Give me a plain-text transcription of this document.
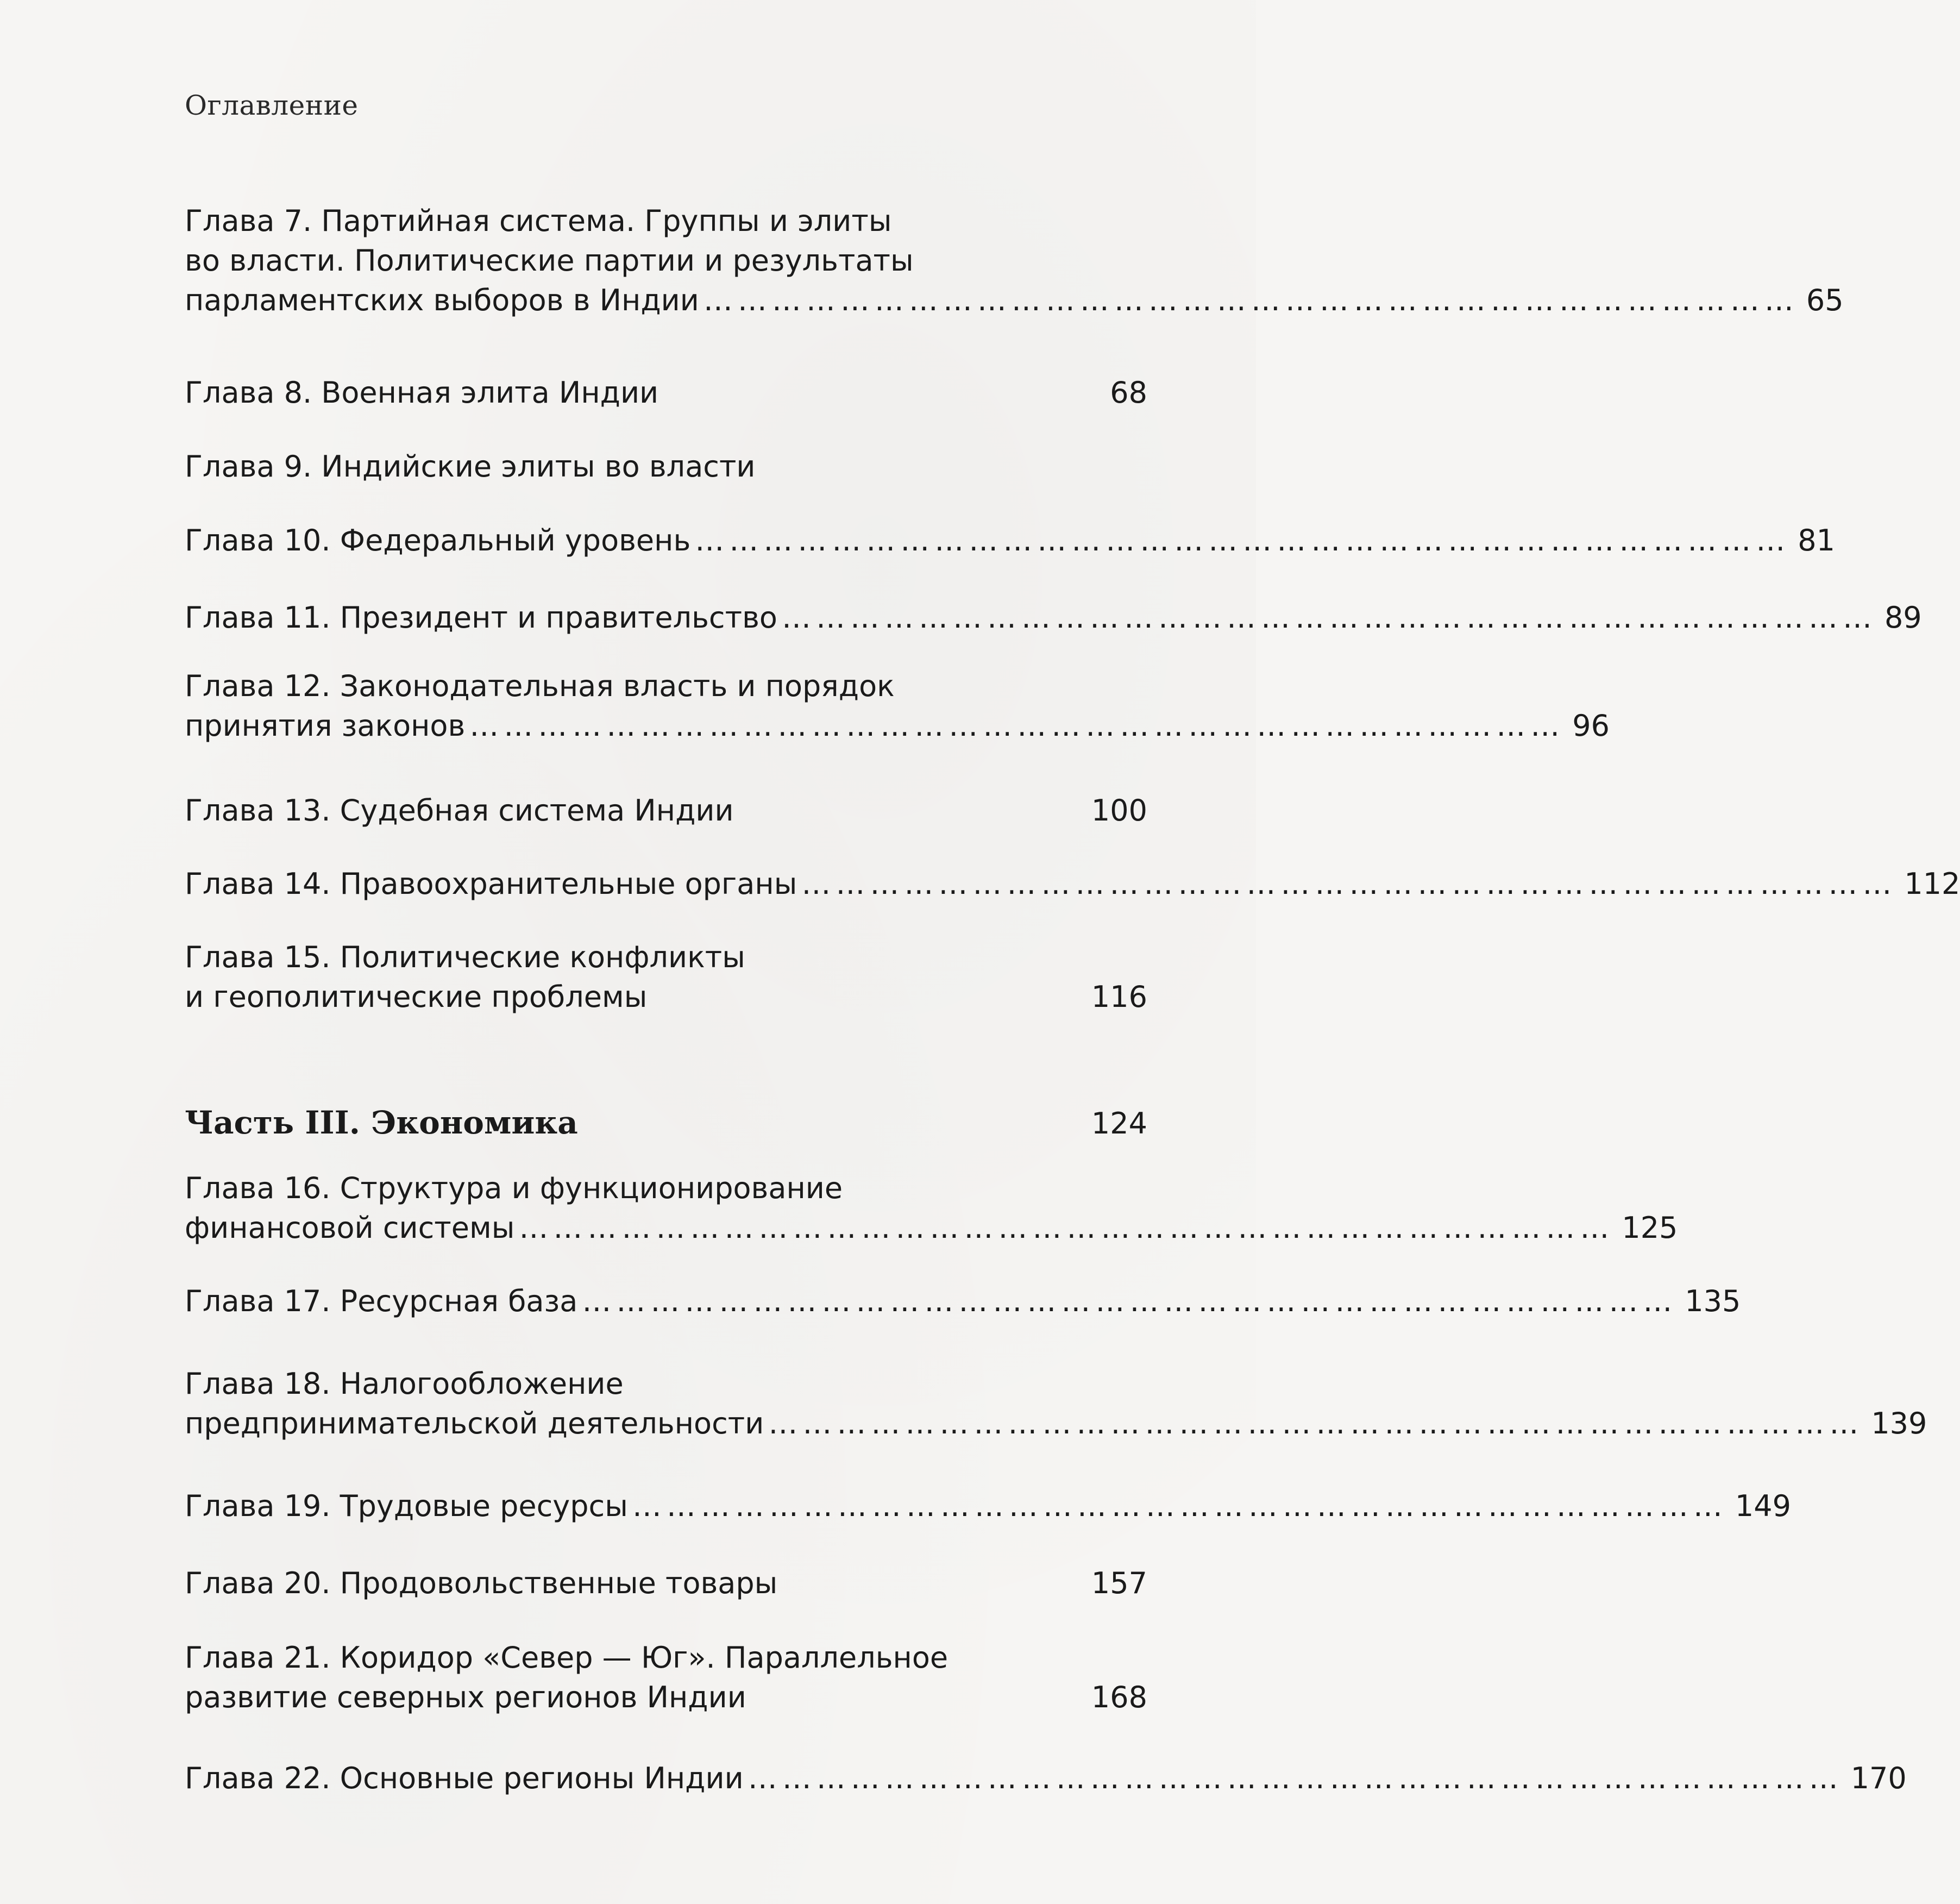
Оглавление
Глава 7. Партийная система. Группы и элиты
во власти. Политические партии и результаты
парламентских выборов в Индии …………………………………………………………………………………… 65
Глава 8. Военная элита Индии	68
Глава 9. Индийские элиты во власти
Глава 10. Федеральный уровень …………………………………………………………………………………… 81
Глава 11. Президент и правительство …………………………………………………………………………………… 89
Глава 12. Законодательная власть и порядок
принятия законов …………………………………………………………………………………… 96
Глава 13. Судебная система Индии	100
Глава 14. Правоохранительные органы …………………………………………………………………………………… 112
Глава 15. Политические конфликты
и геополитические проблемы	116
Часть III. Экономика	124
Глава 16. Структура и функционирование
финансовой системы …………………………………………………………………………………… 125
Глава 17. Ресурсная база …………………………………………………………………………………… 135
Глава 18. Налогообложение
предпринимательской деятельности …………………………………………………………………………………… 139
Глава 19. Трудовые ресурсы …………………………………………………………………………………… 149
Глава 20. Продовольственные товары	157
Глава 21. Коридор «Север — Юг». Параллельное
развитие северных регионов Индии	168
Глава 22. Основные регионы Индии …………………………………………………………………………………… 170
